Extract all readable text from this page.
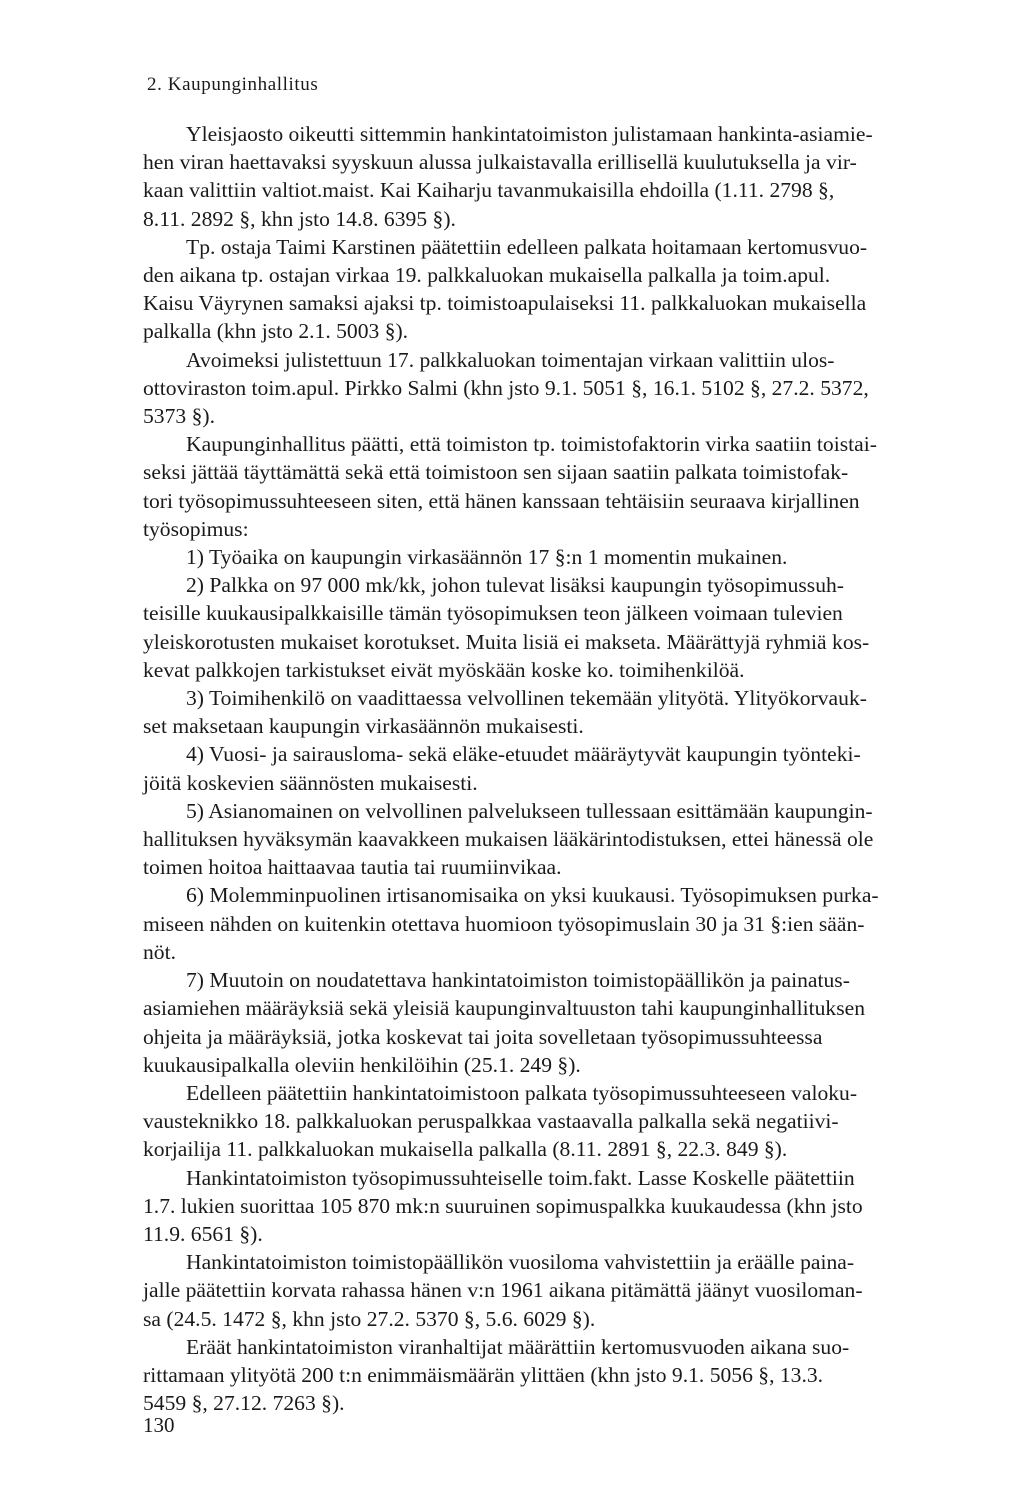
2. Kaupunginhallitus

Yleisjaosto oikeutti sittemmin hankintatoimiston julistamaan hankinta-asiamie-
hen viran haettavaksi syyskuun alussa julkaistavalla erillisellä kuulutuksella ja vir-
kaan valittiin valtiot.maist. Kai Kaiharju tavanmukaisilla ehdoilla (1.11. 2798 §,
8.11. 2892 §, khn jsto 14.8. 6395 §).

Tp. ostaja Taimi Karstinen päätettiin edelleen palkata hoitamaan kertomusvuo-
den aikana tp. ostajan virkaa 19. palkkaluokan mukaisella palkalla ja toim.apul.
Kaisu Väyrynen samaksi ajaksi tp. toimistoapulaiseksi 11. palkkaluokan mukaisella
palkalla (khn jsto 2.1. 5003 §).

Avoimeksi julistettuun 17. palkkaluokan toimentajan virkaan valittiin ulos-
ottoviraston toim.apul. Pirkko Salmi (khn jsto 9.1. 5051 §, 16.1. 5102 §, 27.2. 5372,
5373 §).

Kaupunginhallitus päätti, että toimiston tp. toimistofaktorin virka saatiin toistai-
seksi jättää täyttämättä sekä että toimistoon sen sijaan saatiin palkata toimistofak-
tori työsopimussuhteeseen siten, että hänen kanssaan tehtäisiin seuraava kirjallinen
työsopimus:

1) Työaika on kaupungin virkasäännön 17 §:n 1 momentin mukainen.

2) Palkka on 97 000 mk/kk, johon tulevat lisäksi kaupungin työsopimussuh-
teisille kuukausipalkkaisille tämän työsopimuksen teon jälkeen voimaan tulevien
yleiskorotusten mukaiset korotukset. Muita lisiä ei makseta. Määrättyjä ryhmiä kos-
kevat palkkojen tarkistukset eivät myöskään koske ko. toimihenkilöä.

3) Toimihenkilö on vaadittaessa velvollinen tekemään ylityötä. Ylityökorvauk-
set maksetaan kaupungin virkasäännön mukaisesti.

4) Vuosi- ja sairausloma- sekä eläke-etuudet määräytyvät kaupungin työnteki-
jöitä koskevien säännösten mukaisesti.

5) Asianomainen on velvollinen palvelukseen tullessaan esittämään kaupungin-
hallituksen hyväksymän kaavakkeen mukaisen lääkärintodistuksen, ettei hänessä ole
toimen hoitoa haittaavaa tautia tai ruumiinvikaa.

6) Molemminpuolinen irtisanomisaika on yksi kuukausi. Työsopimuksen purka-
miseen nähden on kuitenkin otettava huomioon työsopimuslain 30 ja 31 §:ien sään-
nöt.

7) Muutoin on noudatettava hankintatoimiston toimistopäällikön ja painatus-
asiamiehen määräyksiä sekä yleisiä kaupunginvaltuuston tahi kaupunginhallituksen
ohjeita ja määräyksiä, jotka koskevat tai joita sovelletaan työsopimussuhteessa
kuukausipalkalla oleviin henkilöihin (25.1. 249 §).

Edelleen päätettiin hankintatoimistoon palkata työsopimussuhteeseen valoku-
vausteknikko 18. palkkaluokan peruspalkkaa vastaavalla palkalla sekä negatiivi-
korjailija 11. palkkaluokan mukaisella palkalla (8.11. 2891 §, 22.3. 849 §).

Hankintatoimiston työsopimussuhteiselle toim.fakt. Lasse Koskelle päätettiin
1.7. lukien suorittaa 105 870 mk:n suuruinen sopimuspalkka kuukaudessa (khn jsto
11.9. 6561 §).

Hankintatoimiston toimistopäällikön vuosiloma vahvistettiin ja eräälle paina-
jalle päätettiin korvata rahassa hänen v:n 1961 aikana pitämättä jäänyt vuosiloman-
sa (24.5. 1472 §, khn jsto 27.2. 5370 §, 5.6. 6029 §).

Eräät hankintatoimiston viranhaltijat määrättiin kertomusvuoden aikana suo-
rittamaan ylityötä 200 t:n enimmäismäärän ylittäen (khn jsto 9.1. 5056 §, 13.3.
5459 §, 27.12. 7263 §).

130
